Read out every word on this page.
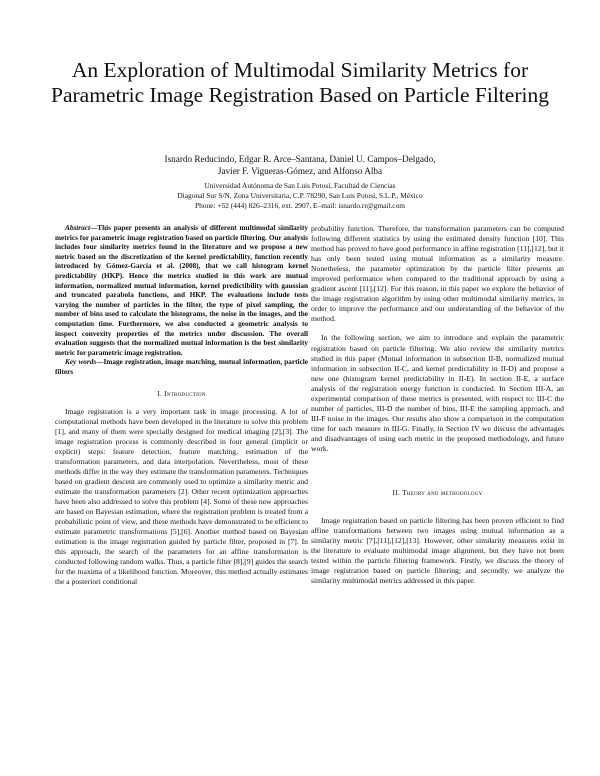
An Exploration of Multimodal Similarity Metrics for Parametric Image Registration Based on Particle Filtering
Isnardo Reducindo, Edgar R. Arce–Santana, Daniel U. Campos–Delgado,
Javier F. Vigueras-Gómez, and Alfonso Alba
Universidad Autónoma de San Luis Potosí, Facultad de Ciencias
Diagonal Sur S/N, Zona Universitaria, C.P. 78290, San Luis Potosí, S.L.P., México
Phone: +52 (444) 826–2316, ext. 2907, E–mail: isnardo.rr@gmail.com

Abstract—This paper presents an analysis of different multimodal similarity metrics for parametric image registration based on particle filtering. Our analysis includes four similarity metrics found in the literature and we propose a new metric based on the discretization of the kernel predictability, function recently introduced by Gómez-García et al. (2008), that we call histogram kernel predictability (HKP). Hence the metrics studied in this work are mutual information, normalized mutual information, kernel predictibility with gaussian and truncated parabola functions, and HKP. The evaluations include tests varying the number of particles in the filter, the type of pixel sampling, the number of bins used to calculate the histograms, the noise in the images, and the computation time. Furthermore, we also conducted a geometric analysis to inspect convexity properties of the metrics under discussion. The overall evaluation suggests that the normalized mutual information is the best similarity metric for parametric image registration.

Key words—Image registration, image matching, mutual information, particle filters

I. Introduction

Image registration is a very important task in image processing. A lot of computational methods have been developed in the literature to solve this problem [1], and many of them were specially designed for medical imaging [2],[3]. The image registration process is commonly described in four general (implicit or explicit) steps: feature detection, feature matching, estimation of the transformation parameters, and data interpolation. Nevertheless, most of these methods differ in the way they estimate the transformation parameters. Techniques based on gradient descent are commonly used to optimize a similarity metric and estimate the transformation parameters [2]. Other recent optimization approaches have been also addressed to solve this problem [4]. Some of these new approaches are based on Bayesian estimation, where the registration problem is treated from a probabilistic point of view, and these methods have demonstrated to be efficient to estimate parametric transformations [5],[6]. Another method based on Bayesian estimation is the image registration guided by particle filter, proposed in [7]. In this approach, the search of the parameters for an affine transformation is conducted following random walks. Thus, a particle filter [8],[9] guides the search for the maxima of a likelihood function. Moreover, this method actually estimates the a posteriori conditional

probability function. Therefore, the transformation parameters can be computed following different statistics by using the estimated density function [10]. This method has proved to have good performance in affine registration [11],[12], but it has only been tested using mutual information as a similarity measure. Nonetheless, the parameter optimization by the particle filter presents an improved performance when compared to the traditional approach by using a gradient ascent [11],[12]. For this reason, in this paper we explore the behavior of the image registration algorithm by using other multimodal similarity metrics, in order to improve the performance and our understanding of the behavior of the method.

In the following section, we aim to introduce and explain the parametric registration based on particle filtering. We also review the similarity metrics studied in this paper (Mutual information in subsection II-B, normalized mutual information in subsection II-C, and kernel predictability in II-D) and propose a new one (histogram kernel predictability in II-E). In section II-E, a surface analysis of the registration energy function is conducted. In Section III-A, an experimental comparison of these metrics is presented, with respect to: III-C the number of particles, III-D the number of bins, III-E the sampling approach, and III-F noise in the images. Our results also show a comparison in the computation time for each measure in III-G. Finally, in Section IV we discuss the advantages and disadvantages of using each metric in the proposed methodology, and future work.

II. Theory and methodology

Image registration based on particle filtering has been proven efficient to find affine transformations between two images using mutual information as a similarity metric [7],[11],[12],[13]. However, other similarity measures exist in the literature to evaluate multimodal image alignment, but they have not been tested within the particle filtering framework. Firstly, we discuss the theory of image registration based on particle filtering; and secondly, we analyze the similarity multimodal metrics addressed in this paper.
